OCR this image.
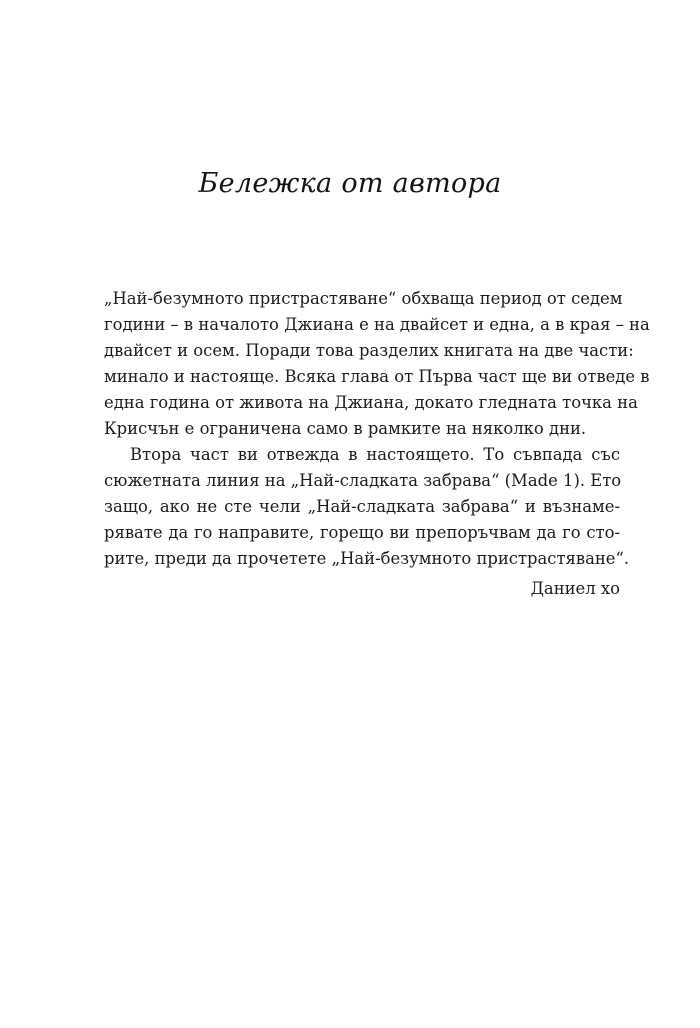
Бележка от автора
„Най-безумното пристрастяване“ обхваща период от седем
години – в началото Джиана е на двайсет и една, а в края – на
двайсет и осем. Поради това разделих книгата на две части:
минало и настояще. Всяка глава от Първа част ще ви отведе в
една година от живота на Джиана, докато гледната точка на
Крисчън е ограничена само в рамките на няколко дни.
Втора част ви отвежда в настоящето. То съвпада със
сюжетната линия на „Най-сладката забрава“ (Made 1). Ето
защо, ако не сте чели „Най-сладката забрава“ и възнаме-
рявате да го направите, горещо ви препоръчвам да го сто-
рите, преди да прочетете „Най-безумното пристрастяване“.
Даниел хо
